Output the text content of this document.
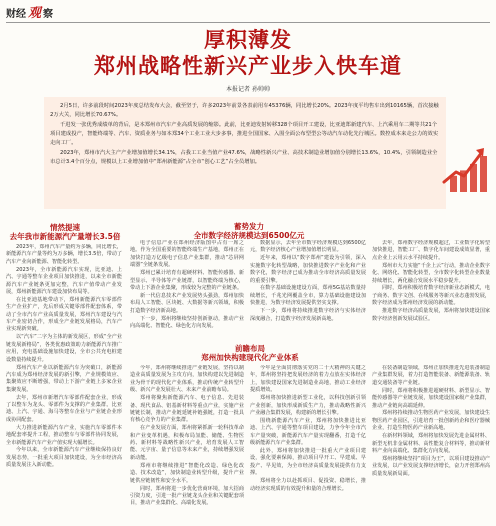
财经 观 察
厚积薄发
郑州战略性新兴产业步入快车道
本报记者 孙帅帅

2月5日，许多前段时间2023年度总结发布大会，截至坚于，许多2023年前景各表前用车45376辆，同比增长20%。2023年度平均售车出到10165辆，首次接触2万大关，同比增长70.67%。

千进发一张优秀成绩单的背后，是本郑州市汽车产业高质发展的缩影。此前，比亚迪发射转移328个项目开工建设，比亚迪郑新建汽车、上汽乘用车二期等共21个项目建成投产，智能终端等、汽车、资质业务与如本郑34个工业工业大步多事，推进全国国家、入围全面公布型型公等动汽车动化先行城区。数控成本来走公力的效实走向工厂。

2023年，郑州市汽大主产产业增加值增长34.1%，占我工工业当值产业47.6%，战略性新兴产业、高技术制造业增加值分别增长13.6%，10.4%，引领制造业全市总计3.4个百分点，规模以上工业增加值中“郑州新能源”占全市“创心工艺”占全员增加。

情然提速
去年我市新能源汽产量增长3.5倍
蓄势发力
全市数字经济规模达到6500亿元
前瞻布局
郑州加快构建现代化产业体系

2023年，郑州汽车产量约为多辆，同比增长，新能源汽车产量等约为万多辆，增长3.5倍，带动了汽车产业向新能源、智能化转型。

2023年，全市新能源汽车实现，比亚迪、上汽、宇通等整车企业项目加快推进，以来全市新能源汽车产业链条更加完整，汽车产值带动产业发展，郑州新能源汽车建设加快布局等。

在比亚迪基地带动下，郑州新能源汽车零部件生产企业扩产，先后形成关键零部件配套体系，带动了全市汽车产业高质量发展，郑州汽车建设与汽车产业密切合作，形成全产业链发展格局，汽车产业实现新突破。

以“汽车”二字为主体的新发展区，形成“全产业链发展新格局”，各类优惠政策助力新能源汽车推广应用，充电基础设施加快建设，全市公共充电桩建设数量持续提升。

郑州汽车产业以新能源汽车为突破口，新能源汽车成为郑州经济发展的新引擎，产业规模效应、集聚效应不断增强，带动上下游产业链上多家企业集聚发展。

去年，郑州市新增汽车零部件配套企业，形成了以整车为龙头、零部件为支撑的产业集群。比亚迪、上汽、宇通、海马等整车企业与产业链企业形成协同配套。

大力推进新能源汽车产业，实施汽车零部件本地配套率提升工程，推动整车与零部件协同发展，全市新能源汽车产业产值实现大幅增长。

今年以来，全市新能源汽车产业继续保持良好发展态势，一批重大项目加快建设，为全市经济高质量发展注入新动能。

电子信息产业在郑州经济版图中占有一席之地。作为全国重要的智能终端生产基地，郑州正在加快打造万亿级电子信息产业集群，推动“芯屏网端器”全链条发展。

郑州已累计培育有超硬材料、智能传感器、新型显示、半导体等产业链群，以智能终端为核心，带动上下游企业集聚，形成较为完整的产业链条。

新一代信息技术产业发展势头强劲，郑州加快布局人工智能、区块链、大数据等新兴领域，积极打造数字经济新高地。

下一步，郑州将继续坚持创新驱动，推动产业向高端化、智能化、绿色化方向发展。

数据显示，去年全市数字经济规模达到6500亿元，数字经济核心产业增加值增长明显。

近年来，郑州以“数字郑州”建设为引领，深入实施数字化转型战略，加快推进数字产业化和产业数字化，数字经济已成为推动全市经济高质量发展的重要引擎。

在数字基础设施建设方面，郑州5G基站数量持续增长，千兆光网覆盖全市，算力基础设施建设加快推进，为数字经济发展提供坚实支撑。

下一步，郑州将持续推进数字经济与实体经济深度融合，打造数字经济发展新高地。

去年，郑州数字经济规模超过，工业数字化转型加快推进，智能工厂、数字化车间建设成效显著，重点企业上云用云水平持续提升。

郑州市大力实施“千企上云”行动，推动企业数字化、网络化、智能化转型，全市数字化转型企业数量持续增长，两化融合发展水平稳步提升。

同时，郑州积极培育数字经济新业态新模式，电子商务、数字文创、在线服务等新兴业态蓬勃发展，数字经济成为郑州经济发展的新动能。

推进数字经济高质量发展，郑州将加快建设国家数字经济创新发展试验区。

今年，郑州将继续推进产业链发展，坚持以制造业高质量发展为主攻方向，加快构建以先进制造业为骨干的现代化产业体系，推动传统产业转型升级、新兴产业发展壮大、未来产业前瞻布局。

郑州将聚焦新能源汽车、电子信息、先进装备、现代食品、铝基新材料等重点产业，实施产业链链长制，推动产业链延链补链强链，打造一批具有核心竞争力的产业集群。

在产业发展方面，郑州将紧抓新一轮科技革命和产业变革机遇，积极布局氢能、储能、生物医药、新材料等战略性新兴产业，培育发展人工智能、元宇宙、量子信息等未来产业，持续增强发展新动能。

郑州市将继续推进“智能化改造、绿色化改造、技术改造”，加快制造业转型升级，提升产业链供应链韧性和安全水平。

同时，郑州将进一步优化营商环境，加大招商引资力度，引进一批产业链龙头企业和关键配套项目，推动产业集群化、高端化发展。

今年是全面贯彻落实党的二十大精神的关键之年，郑州将坚持把发展经济的着力点放在实体经济上，加快建设国家先进制造业高地，推动工业经济提质增效。

郑州将加快推进新型工业化，以科技创新引领产业创新，加快形成新质生产力，推动战略性新兴产业融合集群发展，构建新的增长引擎。

围绕新能源汽车产业，郑州将加快推进比亚迪、上汽、宇通等整车项目建设，力争今年全市汽车产量突破，新能源汽车产量实现翻番，打造千亿级新能源汽车产业集群。

此外，郑州将加快推进一批重大产业项目建设，强化要素保障，推动项目早开工、早建成、早投产、早见效，为全市经济高质量发展提供有力支撑。

郑州将全力以赴抓项目、促投资、稳增长，推动经济实现质的有效提升和量的合理增长。

在装备制造领域，郑州正加快推进先进装备制造产业集群发展，着力打造智能装备、新能源装备、轨道交通装备等产业链。

同时，郑州将积极推进超硬材料、新型显示、智能传感器等产业链发展，加快建设国家级产业集群，推动产业链向高端延伸。

郑州将持续推动生物医药产业发展，加快建设生物医药产业园区，引进培育一批创新药企和医疗器械企业，打造生物医药产业新高地。

在新材料领域，郑州将加快发展先进金属材料、新型无机非金属材料、高性能复合材料等，推动新材料产业向高端化、集群化方向发展。

郑州将继续坚持“项目为王”，以项目建设推动产业发展，以产业发展支撑经济增长，奋力开创郑州高质量发展新局面。
